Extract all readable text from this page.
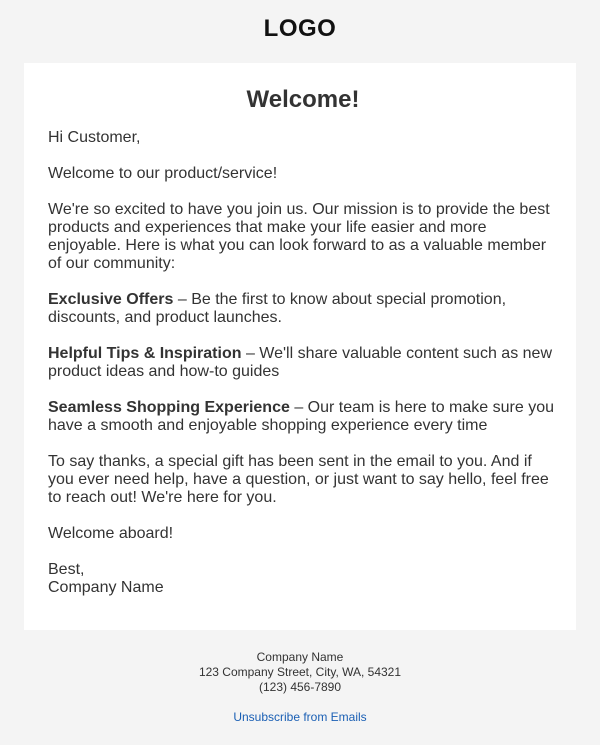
LOGO
Welcome!

Hi Customer,

Welcome to our product/service!

We're so excited to have you join us. Our mission is to provide the best products and experiences that make your life easier and more enjoyable. Here is what you can look forward to as a valuable member of our community:

Exclusive Offers – Be the first to know about special promotion, discounts, and product launches.

Helpful Tips & Inspiration – We'll share valuable content such as new product ideas and how-to guides

Seamless Shopping Experience – Our team is here to make sure you have a smooth and enjoyable shopping experience every time

To say thanks, a special gift has been sent in the email to you. And if you ever need help, have a question, or just want to say hello, feel free to reach out! We're here for you.

Welcome aboard!

Best,
Company Name

Company Name
123 Company Street, City, WA, 54321
(123) 456-7890
Unsubscribe from Emails
